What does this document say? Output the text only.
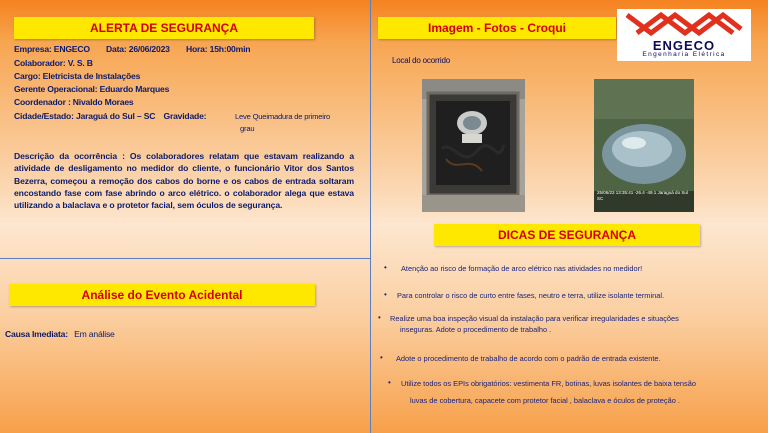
ALERTA DE SEGURANÇA
Empresa: ENGECO Data: 26/06/2023 Hora: 15h:00min
Colaborador: V. S. B
Cargo: Eletricista de Instalações
Gerente Operacional: Eduardo Marques
Coordenador : Nivaldo Moraes
Cidade/Estado: Jaraguá do Sul – SC Gravidade:	Leve Queimadura de primeiro
grau
Descrição da ocorrência : Os colaboradores relatam que estavam realizando a atividade de desligamento no medidor do cliente, o funcionário Vitor dos Santos Bezerra, começou a remoção dos cabos do borne e os cabos de entrada soltaram encostando fase com fase abrindo o arco elétrico. o colaborador alega que estava utilizando a balaclava e o protetor facial, sem óculos de segurança.
Análise do Evento Acidental
Causa Imediata: Em análise
Imagem - Fotos - Croqui
ENGECO
Engenharia Elétrica
Local do ocorrido
25/06/23 13:35:41 -26.4 -49.1 Jaraguá do Sul SC
DICAS DE SEGURANÇA
• Atenção ao risco de formação de arco elétrico nas atividades no medidor!
• Para controlar o risco de curto entre fases, neutro e terra, utilize isolante terminal.
• Realize uma boa inspeção visual da instalação para verificar irregularidades e situações
inseguras. Adote o procedimento de trabalho .
• Adote o procedimento de trabalho de acordo com o padrão de entrada existente.
• Utilize todos os EPIs obrigatórios: vestimenta FR, botinas, luvas isolantes de baixa tensão
luvas de cobertura, capacete com protetor facial , balaclava e óculos de proteção .
